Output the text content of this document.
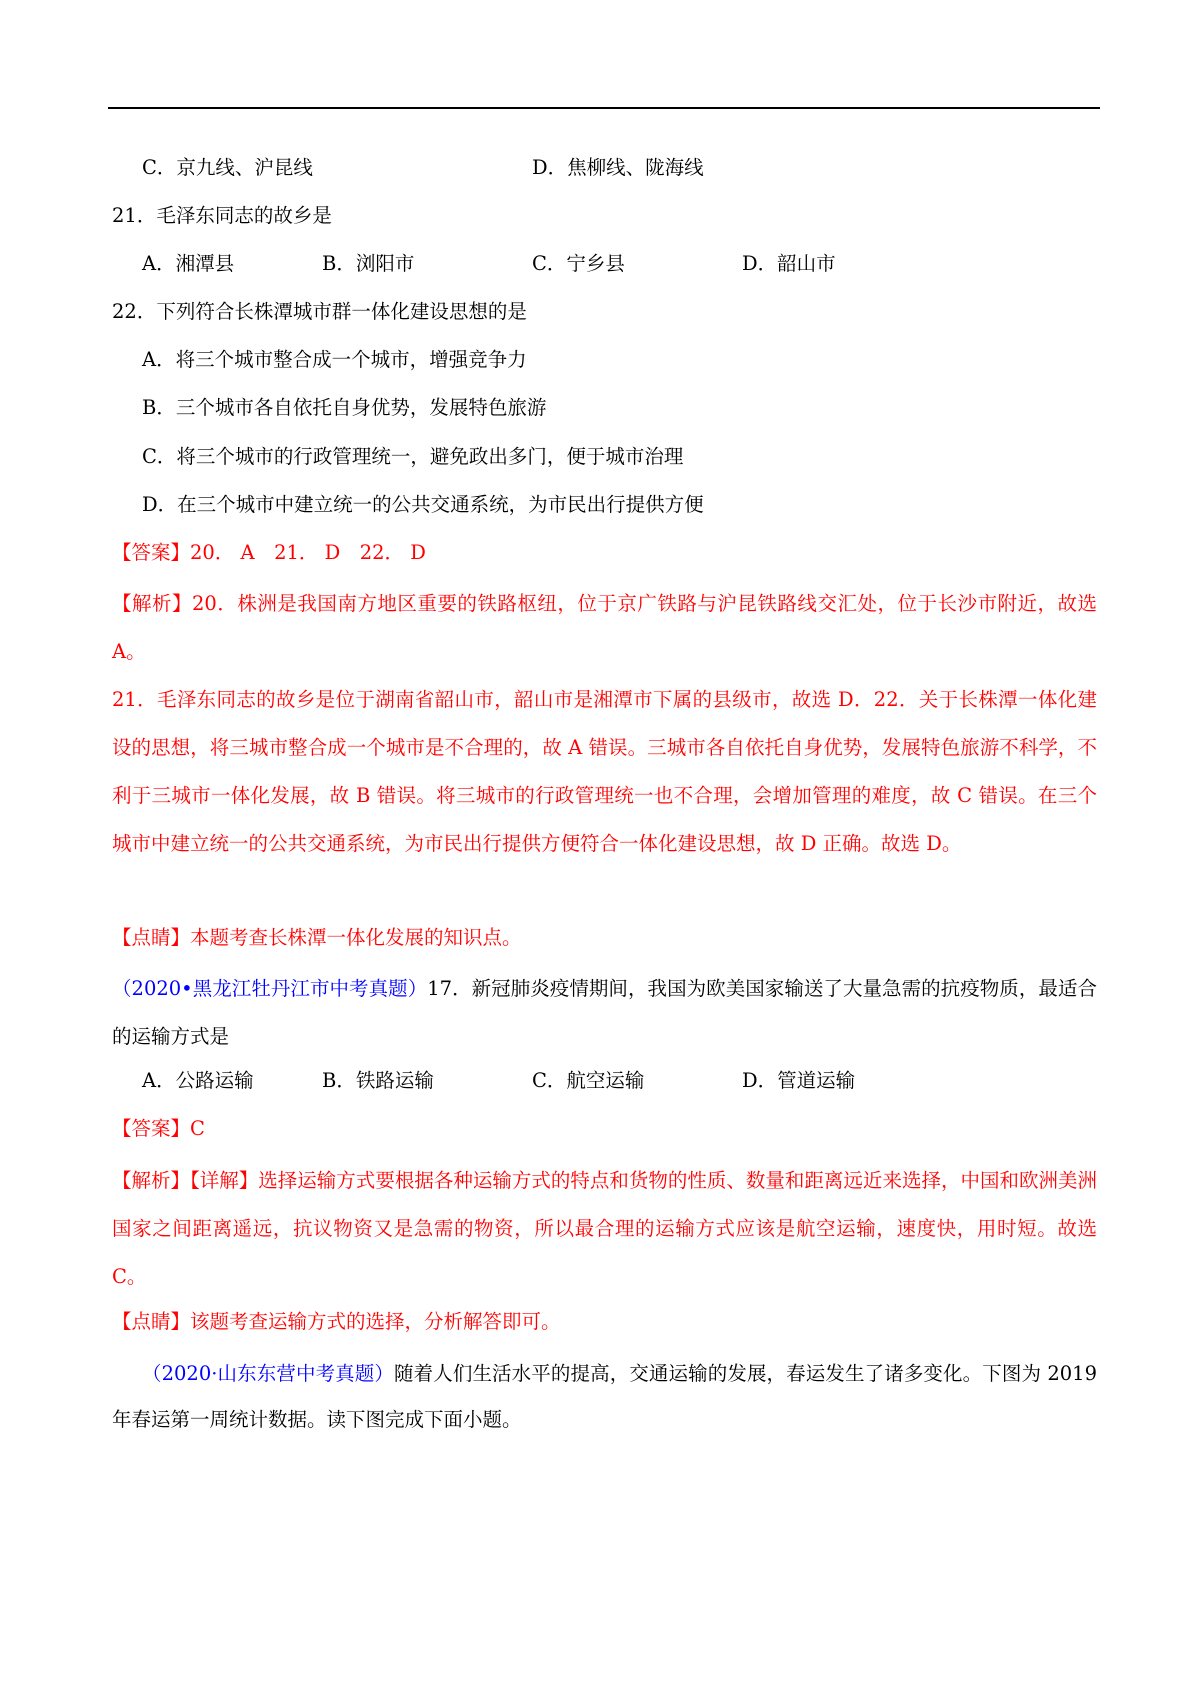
C．京九线、沪昆线	D．焦柳线、陇海线
21．毛泽东同志的故乡是
A．湘潭县	B．浏阳市	C．宁乡县	D．韶山市
22．下列符合长株潭城市群一体化建设思想的是
A．将三个城市整合成一个城市，增强竞争力
B．三个城市各自依托自身优势，发展特色旅游
C．将三个城市的行政管理统一，避免政出多门，便于城市治理
D．在三个城市中建立统一的公共交通系统，为市民出行提供方便
【答案】20． A　21． D　22． D
【解析】20．株洲是我国南方地区重要的铁路枢纽，位于京广铁路与沪昆铁路线交汇处，位于长沙市附近，故选 A。
21．毛泽东同志的故乡是位于湖南省韶山市，韶山市是湘潭市下属的县级市，故选 D．22．关于长株潭一体化建设的思想，将三城市整合成一个城市是不合理的，故 A 错误。三城市各自依托自身优势，发展特色旅游不科学，不利于三城市一体化发展，故 B 错误。将三城市的行政管理统一也不合理，会增加管理的难度，故 C 错误。在三个城市中建立统一的公共交通系统，为市民出行提供方便符合一体化建设思想，故 D 正确。故选 D。
【点睛】本题考查长株潭一体化发展的知识点。
（2020•黑龙江牡丹江市中考真题）17．新冠肺炎疫情期间，我国为欧美国家输送了大量急需的抗疫物质，最适合的运输方式是
A．公路运输	B．铁路运输	C．航空运输	D．管道运输
【答案】C
【解析】【详解】选择运输方式要根据各种运输方式的特点和货物的性质、数量和距离远近来选择，中国和欧洲美洲国家之间距离遥远，抗议物资又是急需的物资，所以最合理的运输方式应该是航空运输，速度快，用时短。故选 C。
【点睛】该题考查运输方式的选择，分析解答即可。
（2020·山东东营中考真题）随着人们生活水平的提高，交通运输的发展，春运发生了诸多变化。下图为 2019 年春运第一周统计数据。读下图完成下面小题。
